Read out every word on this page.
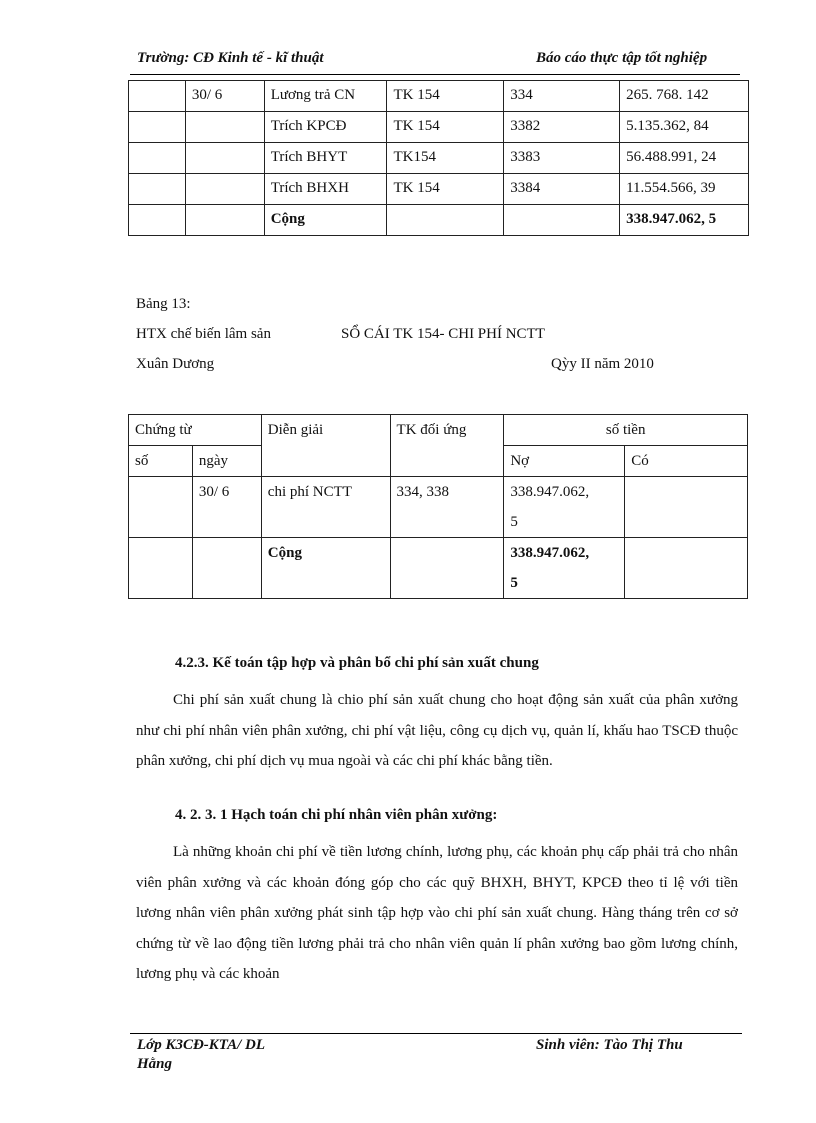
Trường: CĐ Kinh tế - kĩ thuật	Báo cáo thực tập tốt nghiệp
	30/ 6	Lương trả CN	TK 154	334	265. 768. 142
		Trích KPCĐ	TK 154	3382	5.135.362, 84
		Trích BHYT	TK154	3383	56.488.991, 24
		Trích BHXH	TK 154	3384	11.554.566, 39
		Cộng			338.947.062, 5
Bảng 13:
HTX chế biến lâm sản	SỔ CÁI TK 154- CHI PHÍ NCTT
Xuân Dương	Qỳy II năm 2010
Chứng từ		Diễn giải	TK đối ứng	số tiền	
số	ngày			Nợ	Có
	30/ 6	chi phí NCTT	334, 338	338.947.062,
5	
		Cộng		338.947.062,
5	
4.2.3. Kế toán tập hợp và phân bổ chi phí sản xuất chung
Chi phí sản xuất chung là chio phí sản xuất chung cho hoạt động sản xuất của phân xưởng như chi phí nhân viên phân xưởng, chi phí vật liệu, công cụ dịch vụ, quản lí, khấu hao TSCĐ thuộc phân xưởng, chi phí dịch vụ mua ngoài và các chi phí khác bằng tiền.
4. 2. 3. 1 Hạch toán chi phí nhân viên phân xưởng:
Là những khoản chi phí về tiền lương chính, lương phụ, các khoản phụ cấp phải trả cho nhân viên phân xưởng và các khoản đóng góp cho các quỹ BHXH, BHYT, KPCĐ theo tỉ lệ với tiền lương nhân viên phân xưởng phát sinh tập hợp vào chi phí sản xuất chung. Hàng tháng trên cơ sở chứng từ về lao động tiền lương phải trả cho nhân viên quản lí phân xưởng bao gồm lương chính, lương phụ và các khoản
Lớp K3CĐ-KTA/ DL
Hằng
Sinh viên: Tào Thị Thu
